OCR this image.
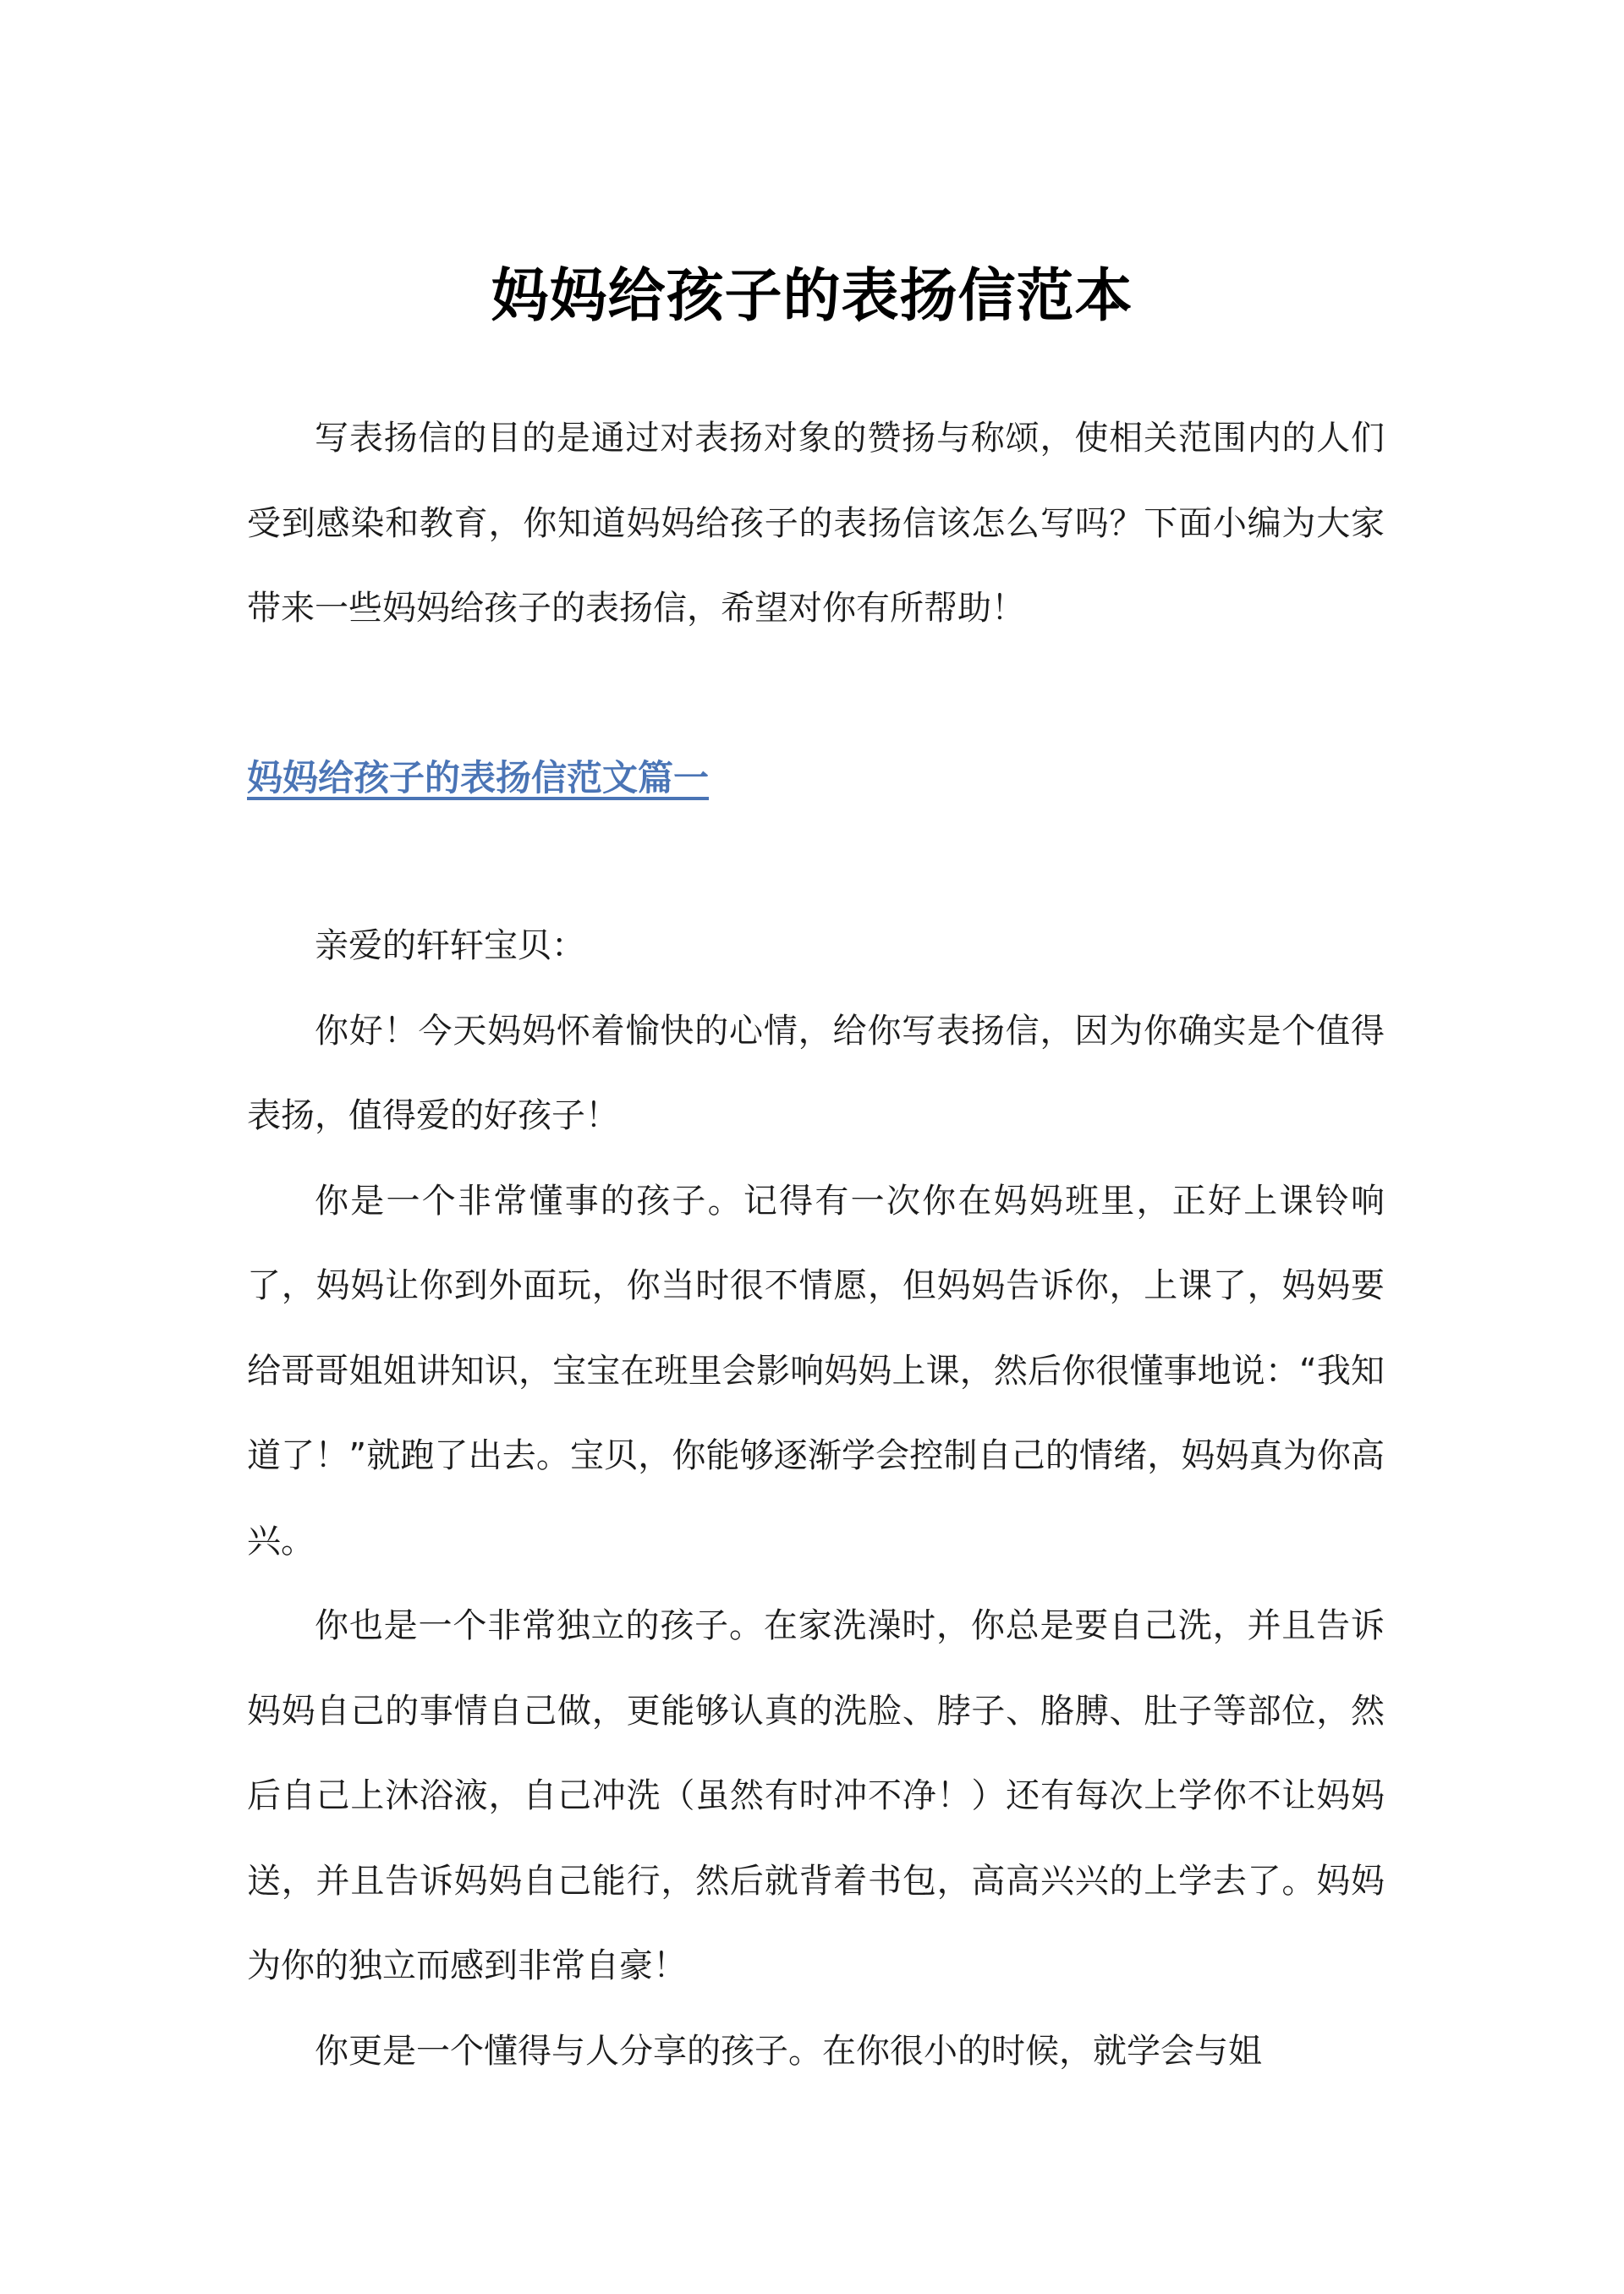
妈妈给孩子的表扬信范本

写表扬信的目的是通过对表扬对象的赞扬与称颂，使相关范围内的人们受到感染和教育，你知道妈妈给孩子的表扬信该怎么写吗？下面小编为大家带来一些妈妈给孩子的表扬信，希望对你有所帮助！

妈妈给孩子的表扬信范文篇一

亲爱的轩轩宝贝：

你好！今天妈妈怀着愉快的心情，给你写表扬信，因为你确实是个值得表扬，值得爱的好孩子！

你是一个非常懂事的孩子。记得有一次你在妈妈班里，正好上课铃响了，妈妈让你到外面玩，你当时很不情愿，但妈妈告诉你，上课了，妈妈要给哥哥姐姐讲知识，宝宝在班里会影响妈妈上课，然后你很懂事地说：“我知道了！”就跑了出去。宝贝，你能够逐渐学会控制自己的情绪，妈妈真为你高兴。

你也是一个非常独立的孩子。在家洗澡时，你总是要自己洗，并且告诉妈妈自己的事情自己做，更能够认真的洗脸、脖子、胳膊、肚子等部位，然后自己上沐浴液，自己冲洗（虽然有时冲不净！）还有每次上学你不让妈妈送，并且告诉妈妈自己能行，然后就背着书包，高高兴兴的上学去了。妈妈为你的独立而感到非常自豪！

你更是一个懂得与人分享的孩子。在你很小的时候，就学会与姐
